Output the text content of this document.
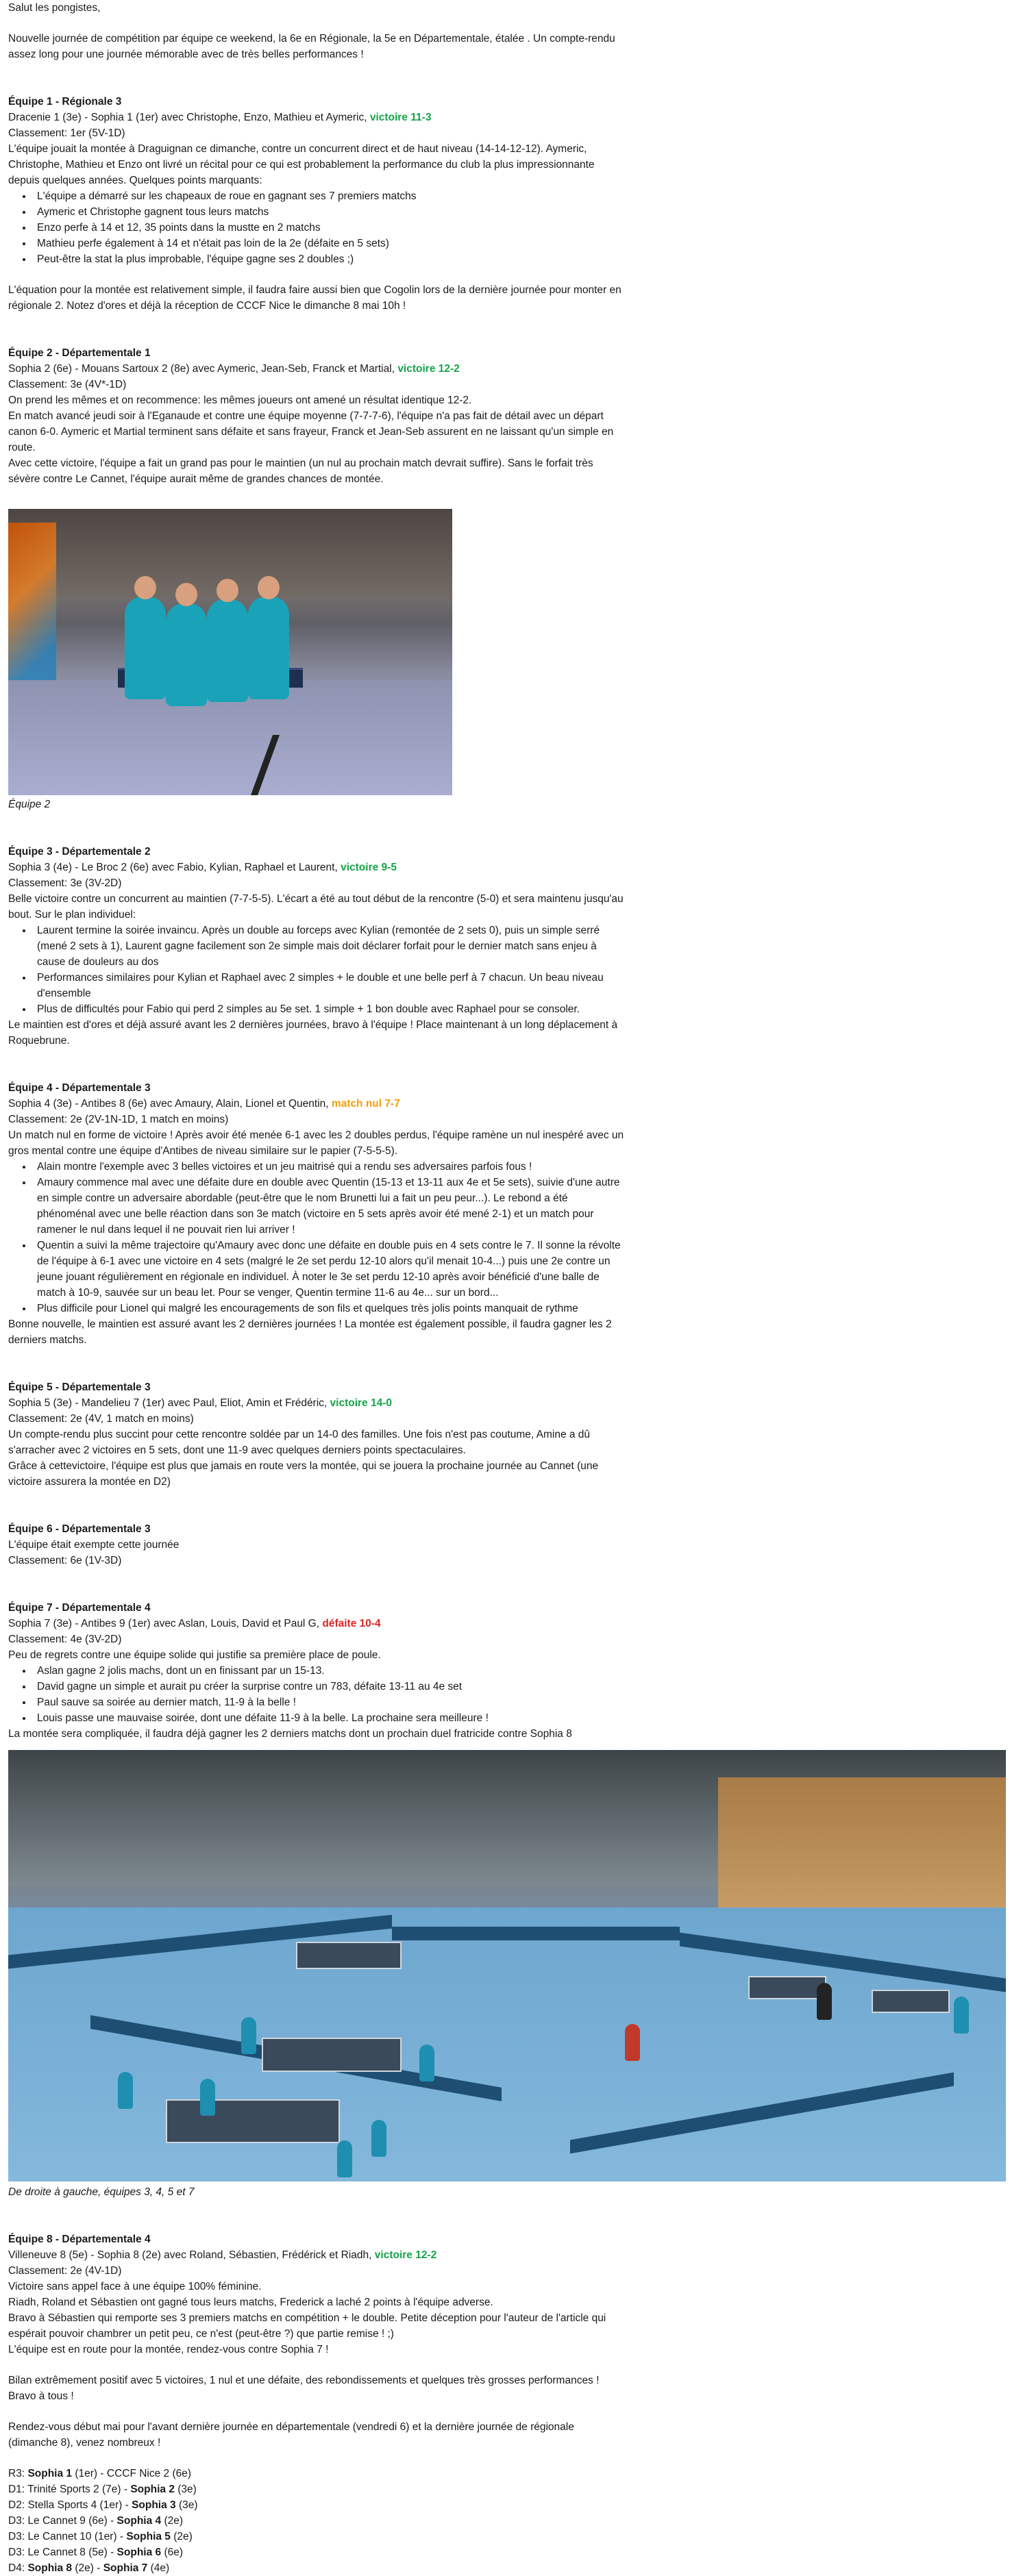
Salut les pongistes,

Nouvelle journée de compétition par équipe ce weekend, la 6e en Régionale, la 5e en Départementale, étalée . Un compte-rendu assez long pour une journée mémorable avec de très belles performances !

Équipe 1 - Régionale 3

Dracenie 1 (3e) - Sophia 1 (1er) avec Christophe, Enzo, Mathieu et Aymeric, victoire 11-3

Classement: 1er (5V-1D)

L'équipe jouait la montée à Draguignan ce dimanche, contre un concurrent direct et de haut niveau (14-14-12-12). Aymeric, Christophe, Mathieu et Enzo ont livré un récital pour ce qui est probablement la performance du club la plus impressionnante depuis quelques années. Quelques points marquants:

• L'équipe a démarré sur les chapeaux de roue en gagnant ses 7 premiers matchs
• Aymeric et Christophe gagnent tous leurs matchs
• Enzo perfe à 14 et 12, 35 points dans la mustte en 2 matchs
• Mathieu perfe également à 14 et n'était pas loin de la 2e (défaite en 5 sets)
• Peut-être la stat la plus improbable, l'équipe gagne ses 2 doubles ;)

L'équation pour la montée est relativement simple, il faudra faire aussi bien que Cogolin lors de la dernière journée pour monter en régionale 2. Notez d'ores et déjà la réception de CCCF Nice le dimanche 8 mai 10h !

Équipe 2 - Départementale 1

Sophia 2 (6e) - Mouans Sartoux 2 (8e) avec Aymeric, Jean-Seb, Franck et Martial, victoire 12-2

Classement: 3e (4V*-1D)

On prend les mêmes et on recommence: les mêmes joueurs ont amené un résultat identique 12-2.

En match avancé jeudi soir à l'Eganaude et contre une équipe moyenne (7-7-7-6), l'équipe n'a pas fait de détail avec un départ canon 6-0. Aymeric et Martial terminent sans défaite et sans frayeur, Franck et Jean-Seb assurent en ne laissant qu'un simple en route.

Avec cette victoire, l'équipe a fait un grand pas pour le maintien (un nul au prochain match devrait suffire). Sans le forfait très sévère contre Le Cannet, l'équipe aurait même de grandes chances de montée.

Équipe 2

Équipe 3 - Départementale 2

Sophia 3 (4e) - Le Broc 2 (6e) avec Fabio, Kylian, Raphael et Laurent, victoire 9-5

Classement: 3e (3V-2D)

Belle victoire contre un concurrent au maintien (7-7-5-5). L'écart a été au tout début de la rencontre (5-0) et sera maintenu jusqu'au bout. Sur le plan individuel:

• Laurent termine la soirée invaincu. Après un double au forceps avec Kylian (remontée de 2 sets 0), puis un simple serré (mené 2 sets à 1), Laurent gagne facilement son 2e simple mais doit déclarer forfait pour le dernier match sans enjeu à cause de douleurs au dos
• Performances similaires pour Kylian et Raphael avec 2 simples + le double et une belle perf à 7 chacun. Un beau niveau d'ensemble
• Plus de difficultés pour Fabio qui perd 2 simples au 5e set. 1 simple + 1 bon double avec Raphael pour se consoler.

Le maintien est d'ores et déjà assuré avant les 2 dernières journées, bravo à l'équipe ! Place maintenant à un long déplacement à Roquebrune.

Équipe 4 - Départementale 3

Sophia 4 (3e) - Antibes 8 (6e) avec Amaury, Alain, Lionel et Quentin, match nul 7-7

Classement: 2e (2V-1N-1D, 1 match en moins)

Un match nul en forme de victoire ! Après avoir été menée 6-1 avec les 2 doubles perdus, l'équipe ramène un nul inespéré avec un gros mental contre une équipe d'Antibes de niveau similaire sur le papier (7-5-5-5).

• Alain montre l'exemple avec 3 belles victoires et un jeu maitrisé qui a rendu ses adversaires parfois fous !
• Amaury commence mal avec une défaite dure en double avec Quentin (15-13 et 13-11 aux 4e et 5e sets), suivie d'une autre en simple contre un adversaire abordable (peut-être que le nom Brunetti lui a fait un peu peur...). Le rebond a été phénoménal avec une belle réaction dans son 3e match (victoire en 5 sets après avoir été mené 2-1) et un match pour ramener le nul dans lequel il ne pouvait rien lui arriver !
• Quentin a suivi la même trajectoire qu'Amaury avec donc une défaite en double puis en 4 sets contre le 7. Il sonne la révolte de l'équipe à 6-1 avec une victoire en 4 sets (malgré le 2e set perdu 12-10 alors qu'il menait 10-4...) puis une 2e contre un jeune jouant régulièrement en régionale en individuel. À noter le 3e set perdu 12-10 après avoir bénéficié d'une balle de match à 10-9, sauvée sur un beau let. Pour se venger, Quentin termine 11-6 au 4e... sur un bord...
• Plus difficile pour Lionel qui malgré les encouragements de son fils et quelques très jolis points manquait de rythme

Bonne nouvelle, le maintien est assuré avant les 2 dernières journées ! La montée est également possible, il faudra gagner les 2 derniers matchs.

Équipe 5 - Départementale 3

Sophia 5 (3e) - Mandelieu 7 (1er) avec Paul, Eliot, Amin et Frédéric, victoire 14-0

Classement: 2e (4V, 1 match en moins)

Un compte-rendu plus succint pour cette rencontre soldée par un 14-0 des familles. Une fois n'est pas coutume, Amine a dû s'arracher avec 2 victoires en 5 sets, dont une 11-9 avec quelques derniers points spectaculaires.

Grâce à cettevictoire, l'équipe est plus que jamais en route vers la montée, qui se jouera la prochaine journée au Cannet (une victoire assurera la montée en D2)

Équipe 6 - Départementale 3

L'équipe était exempte cette journée

Classement: 6e (1V-3D)

Équipe 7 - Départementale 4

Sophia 7 (3e) - Antibes 9 (1er) avec Aslan, Louis, David et Paul G, défaite 10-4

Classement: 4e (3V-2D)

Peu de regrets contre une équipe solide qui justifie sa première place de poule.

• Aslan gagne 2 jolis machs, dont un en finissant par un 15-13.
• David gagne un simple et aurait pu créer la surprise contre un 783, défaite 13-11 au 4e set
• Paul sauve sa soirée au dernier match, 11-9 à la belle !
• Louis passe une mauvaise soirée, dont une défaite 11-9 à la belle. La prochaine sera meilleure !

La montée sera compliquée, il faudra déjà gagner les 2 derniers matchs dont un prochain duel fratricide contre Sophia 8

De droite à gauche, équipes 3, 4, 5 et 7

Équipe 8 - Départementale 4

Villeneuve 8 (5e) - Sophia 8 (2e) avec Roland, Sébastien, Frédérick et Riadh, victoire 12-2

Classement: 2e (4V-1D)

Victoire sans appel face à une équipe 100% féminine.

Riadh, Roland et Sébastien ont gagné tous leurs matchs, Frederick a laché 2 points à l'équipe adverse.

Bravo à Sébastien qui remporte ses 3 premiers matchs en compétition + le double. Petite déception pour l'auteur de l'article qui espérait pouvoir chambrer un petit peu, ce n'est (peut-être ?) que partie remise ! ;)

L'équipe est en route pour la montée, rendez-vous contre Sophia 7 !

Bilan extrêmement positif avec 5 victoires, 1 nul et une défaite, des rebondissements et quelques très grosses performances ! Bravo à tous !

Rendez-vous début mai pour l'avant dernière journée en départementale (vendredi 6) et la dernière journée de régionale (dimanche 8), venez nombreux !

R3: Sophia 1 (1er) - CCCF Nice 2 (6e)

D1: Trinité Sports 2 (7e) - Sophia 2 (3e)

D2: Stella Sports 4 (1er) - Sophia 3 (3e)

D3: Le Cannet 9 (6e) - Sophia 4 (2e)

D3: Le Cannet 10 (1er) - Sophia 5 (2e)

D3: Le Cannet 8 (5e) - Sophia 6 (6e)

D4: Sophia 8 (2e) - Sophia 7 (4e)
